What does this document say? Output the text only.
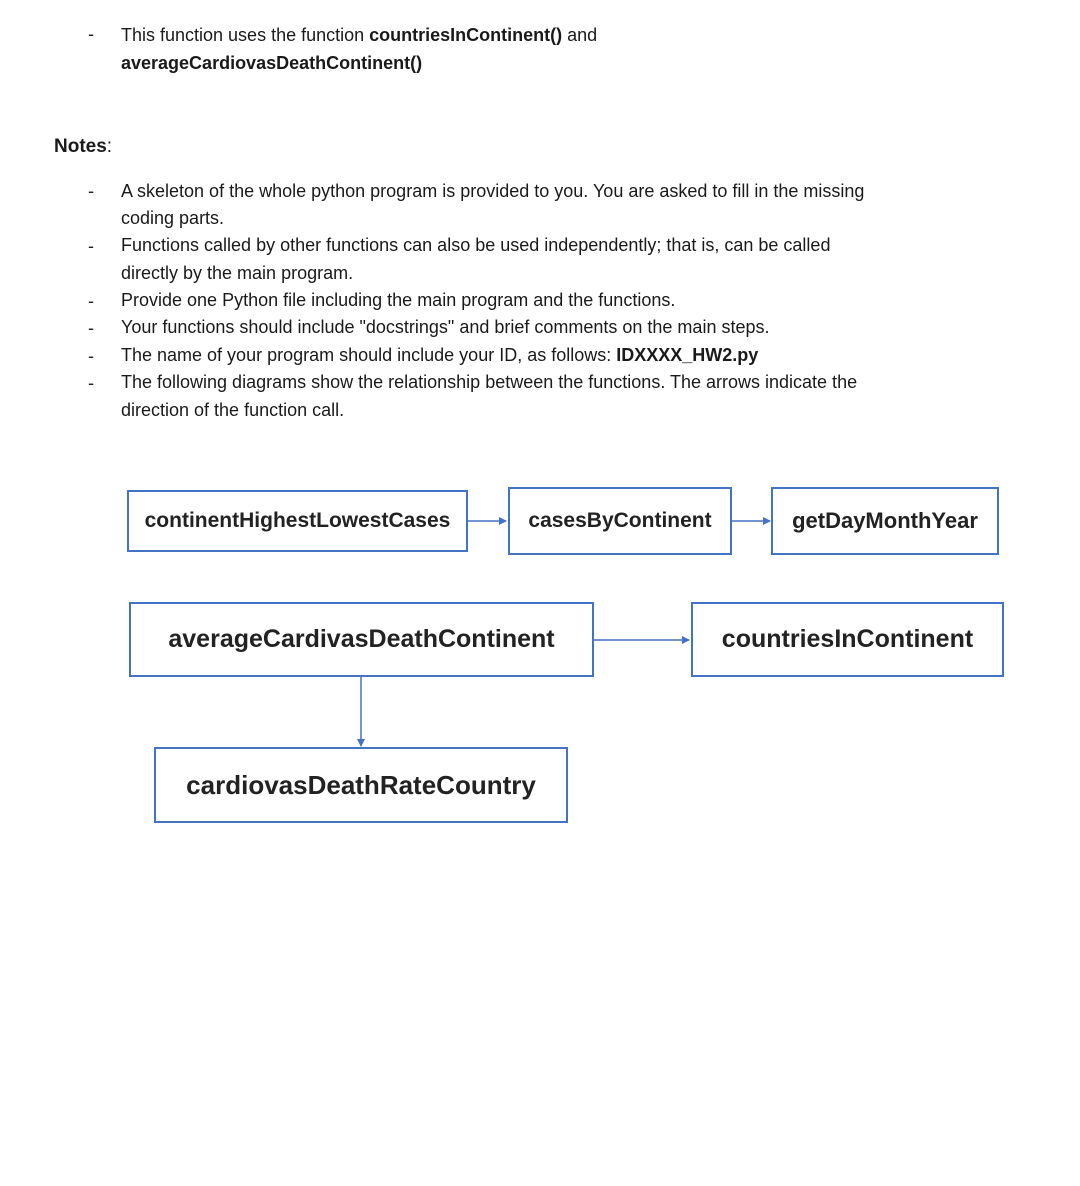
- This function uses the function countriesInContinent() and
averageCardiovasDeathContinent()
Notes:
- A skeleton of the whole python program is provided to you. You are asked to fill in the missing
coding parts.
- Functions called by other functions can also be used independently; that is, can be called
directly by the main program.
- Provide one Python file including the main program and the functions.
- Your functions should include "docstrings" and brief comments on the main steps.
- The name of your program should include your ID, as follows: IDXXXX_HW2.py
- The following diagrams show the relationship between the functions. The arrows indicate the
direction of the function call.
continentHighestLowestCases	casesByContinent	getDayMonthYear
averageCardivasDeathContinent	countriesInContinent
cardiovasDeathRateCountry
